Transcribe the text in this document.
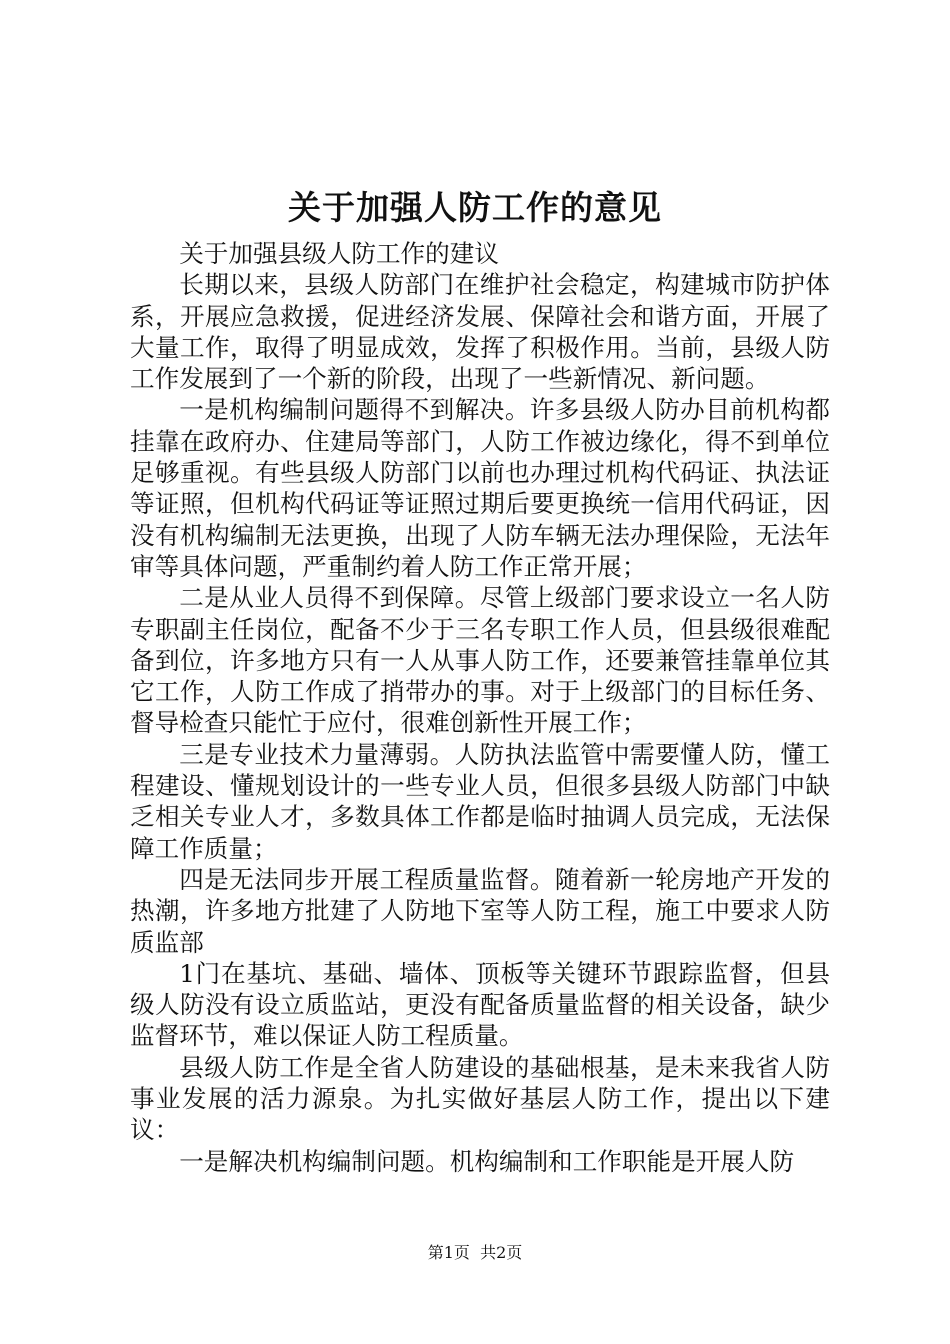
关于加强人防工作的意见

关于加强县级人防工作的建议

长期以来，县级人防部门在维护社会稳定，构建城市防护体系，开展应急救援，促进经济发展、保障社会和谐方面，开展了大量工作，取得了明显成效，发挥了积极作用。当前，县级人防工作发展到了一个新的阶段，出现了一些新情况、新问题。

一是机构编制问题得不到解决。许多县级人防办目前机构都挂靠在政府办、住建局等部门，人防工作被边缘化，得不到单位足够重视。有些县级人防部门以前也办理过机构代码证、执法证等证照，但机构代码证等证照过期后要更换统一信用代码证，因没有机构编制无法更换，出现了人防车辆无法办理保险，无法年审等具体问题，严重制约着人防工作正常开展；

二是从业人员得不到保障。尽管上级部门要求设立一名人防专职副主任岗位，配备不少于三名专职工作人员，但县级很难配备到位，许多地方只有一人从事人防工作，还要兼管挂靠单位其它工作，人防工作成了捎带办的事。对于上级部门的目标任务、督导检查只能忙于应付，很难创新性开展工作；

三是专业技术力量薄弱。人防执法监管中需要懂人防，懂工程建设、懂规划设计的一些专业人员，但很多县级人防部门中缺乏相关专业人才，多数具体工作都是临时抽调人员完成，无法保障工作质量；

四是无法同步开展工程质量监督。随着新一轮房地产开发的热潮，许多地方批建了人防地下室等人防工程，施工中要求人防质监部

1门在基坑、基础、墙体、顶板等关键环节跟踪监督，但县级人防没有设立质监站，更没有配备质量监督的相关设备，缺少监督环节，难以保证人防工程质量。

县级人防工作是全省人防建设的基础根基，是未来我省人防事业发展的活力源泉。为扎实做好基层人防工作，提出以下建议：

一是解决机构编制问题。机构编制和工作职能是开展人防

第1页  共2页
